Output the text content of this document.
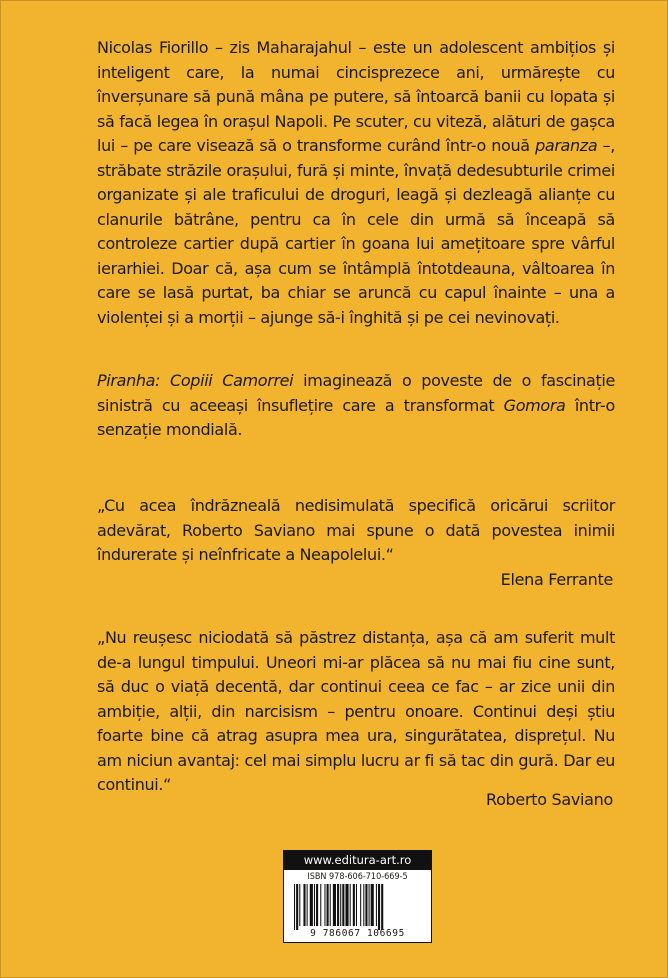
Nicolas Fiorillo – zis Maharajahul – este un adolescent ambițios și inteligent care, la numai cincisprezece ani, urmărește cu înverșunare să pună mâna pe putere, să întoarcă banii cu lopata și să facă legea în orașul Napoli. Pe scuter, cu viteză, alături de gașca lui – pe care visează să o transforme curând într-o nouă paranza –, străbate străzile orașului, fură și minte, învață dedesubturile crimei organizate și ale traficului de droguri, leagă și dezleagă alianțe cu clanurile bătrâne, pentru ca în cele din urmă să înceapă să controleze cartier după cartier în goana lui amețitoare spre vârful ierarhiei. Doar că, așa cum se întâmplă întotdeauna, vâltoarea în care se lasă purtat, ba chiar se aruncă cu capul înainte – una a violenței și a morții – ajunge să-i înghită și pe cei nevinovați.

Piranha: Copiii Camorrei imaginează o poveste de o fascinație sinistră cu aceeași însuflețire care a transformat Gomora într-o senzație mondială.

„Cu acea îndrăzneală nedisimulată specifică oricărui scriitor adevărat, Roberto Saviano mai spune o dată povestea inimii îndurerate și neînfricate a Neapolelui.“

Elena Ferrante

„Nu reușesc niciodată să păstrez distanța, așa că am suferit mult de-a lungul timpului. Uneori mi-ar plăcea să nu mai fiu cine sunt, să duc o viață decentă, dar continui ceea ce fac – ar zice unii din ambiție, alții, din narcisism – pentru onoare. Continui deși știu foarte bine că atrag asupra mea ura, singurătatea, disprețul. Nu am niciun avantaj: cel mai simplu lucru ar fi să tac din gură. Dar eu continui.“

Roberto Saviano
www.editura-art.ro
ISBN 978-606-710-669-5
9 786067 106695
